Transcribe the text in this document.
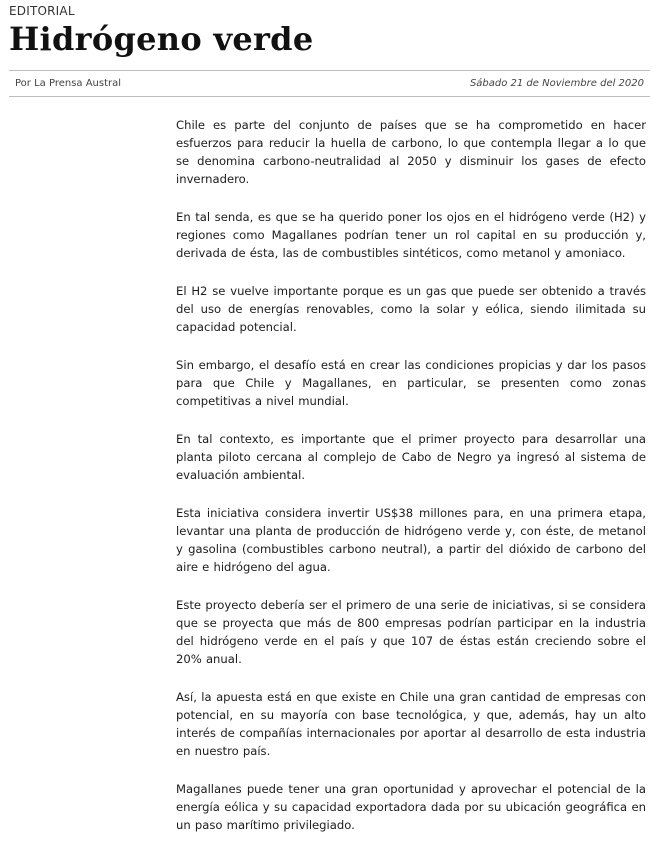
EDITORIAL
Hidrógeno verde
Por La Prensa Austral	Sábado 21 de Noviembre del 2020

Chile es parte del conjunto de países que se ha comprometido en hacer esfuerzos para reducir la huella de carbono, lo que contempla llegar a lo que se denomina carbono-neutralidad al 2050 y disminuir los gases de efecto invernadero.

En tal senda, es que se ha querido poner los ojos en el hidrógeno verde (H2) y regiones como Magallanes podrían tener un rol capital en su producción y, derivada de ésta, las de combustibles sintéticos, como metanol y amoniaco.

El H2 se vuelve importante porque es un gas que puede ser obtenido a través del uso de energías renovables, como la solar y eólica, siendo ilimitada su capacidad potencial.

Sin embargo, el desafío está en crear las condiciones propicias y dar los pasos para que Chile y Magallanes, en particular, se presenten como zonas competitivas a nivel mundial.

En tal contexto, es importante que el primer proyecto para desarrollar una planta piloto cercana al complejo de Cabo de Negro ya ingresó al sistema de evaluación ambiental.

Esta iniciativa considera invertir US$38 millones para, en una primera etapa, levantar una planta de producción de hidrógeno verde y, con éste, de metanol y gasolina (combustibles carbono neutral), a partir del dióxido de carbono del aire e hidrógeno del agua.

Este proyecto debería ser el primero de una serie de iniciativas, si se considera que se proyecta que más de 800 empresas podrían participar en la industria del hidrógeno verde en el país y que 107 de éstas están creciendo sobre el 20% anual.

Así, la apuesta está en que existe en Chile una gran cantidad de empresas con potencial, en su mayoría con base tecnológica, y que, además, hay un alto interés de compañías internacionales por aportar al desarrollo de esta industria en nuestro país.

Magallanes puede tener una gran oportunidad y aprovechar el potencial de la energía eólica y su capacidad exportadora dada por su ubicación geográfica en un paso marítimo privilegiado.
